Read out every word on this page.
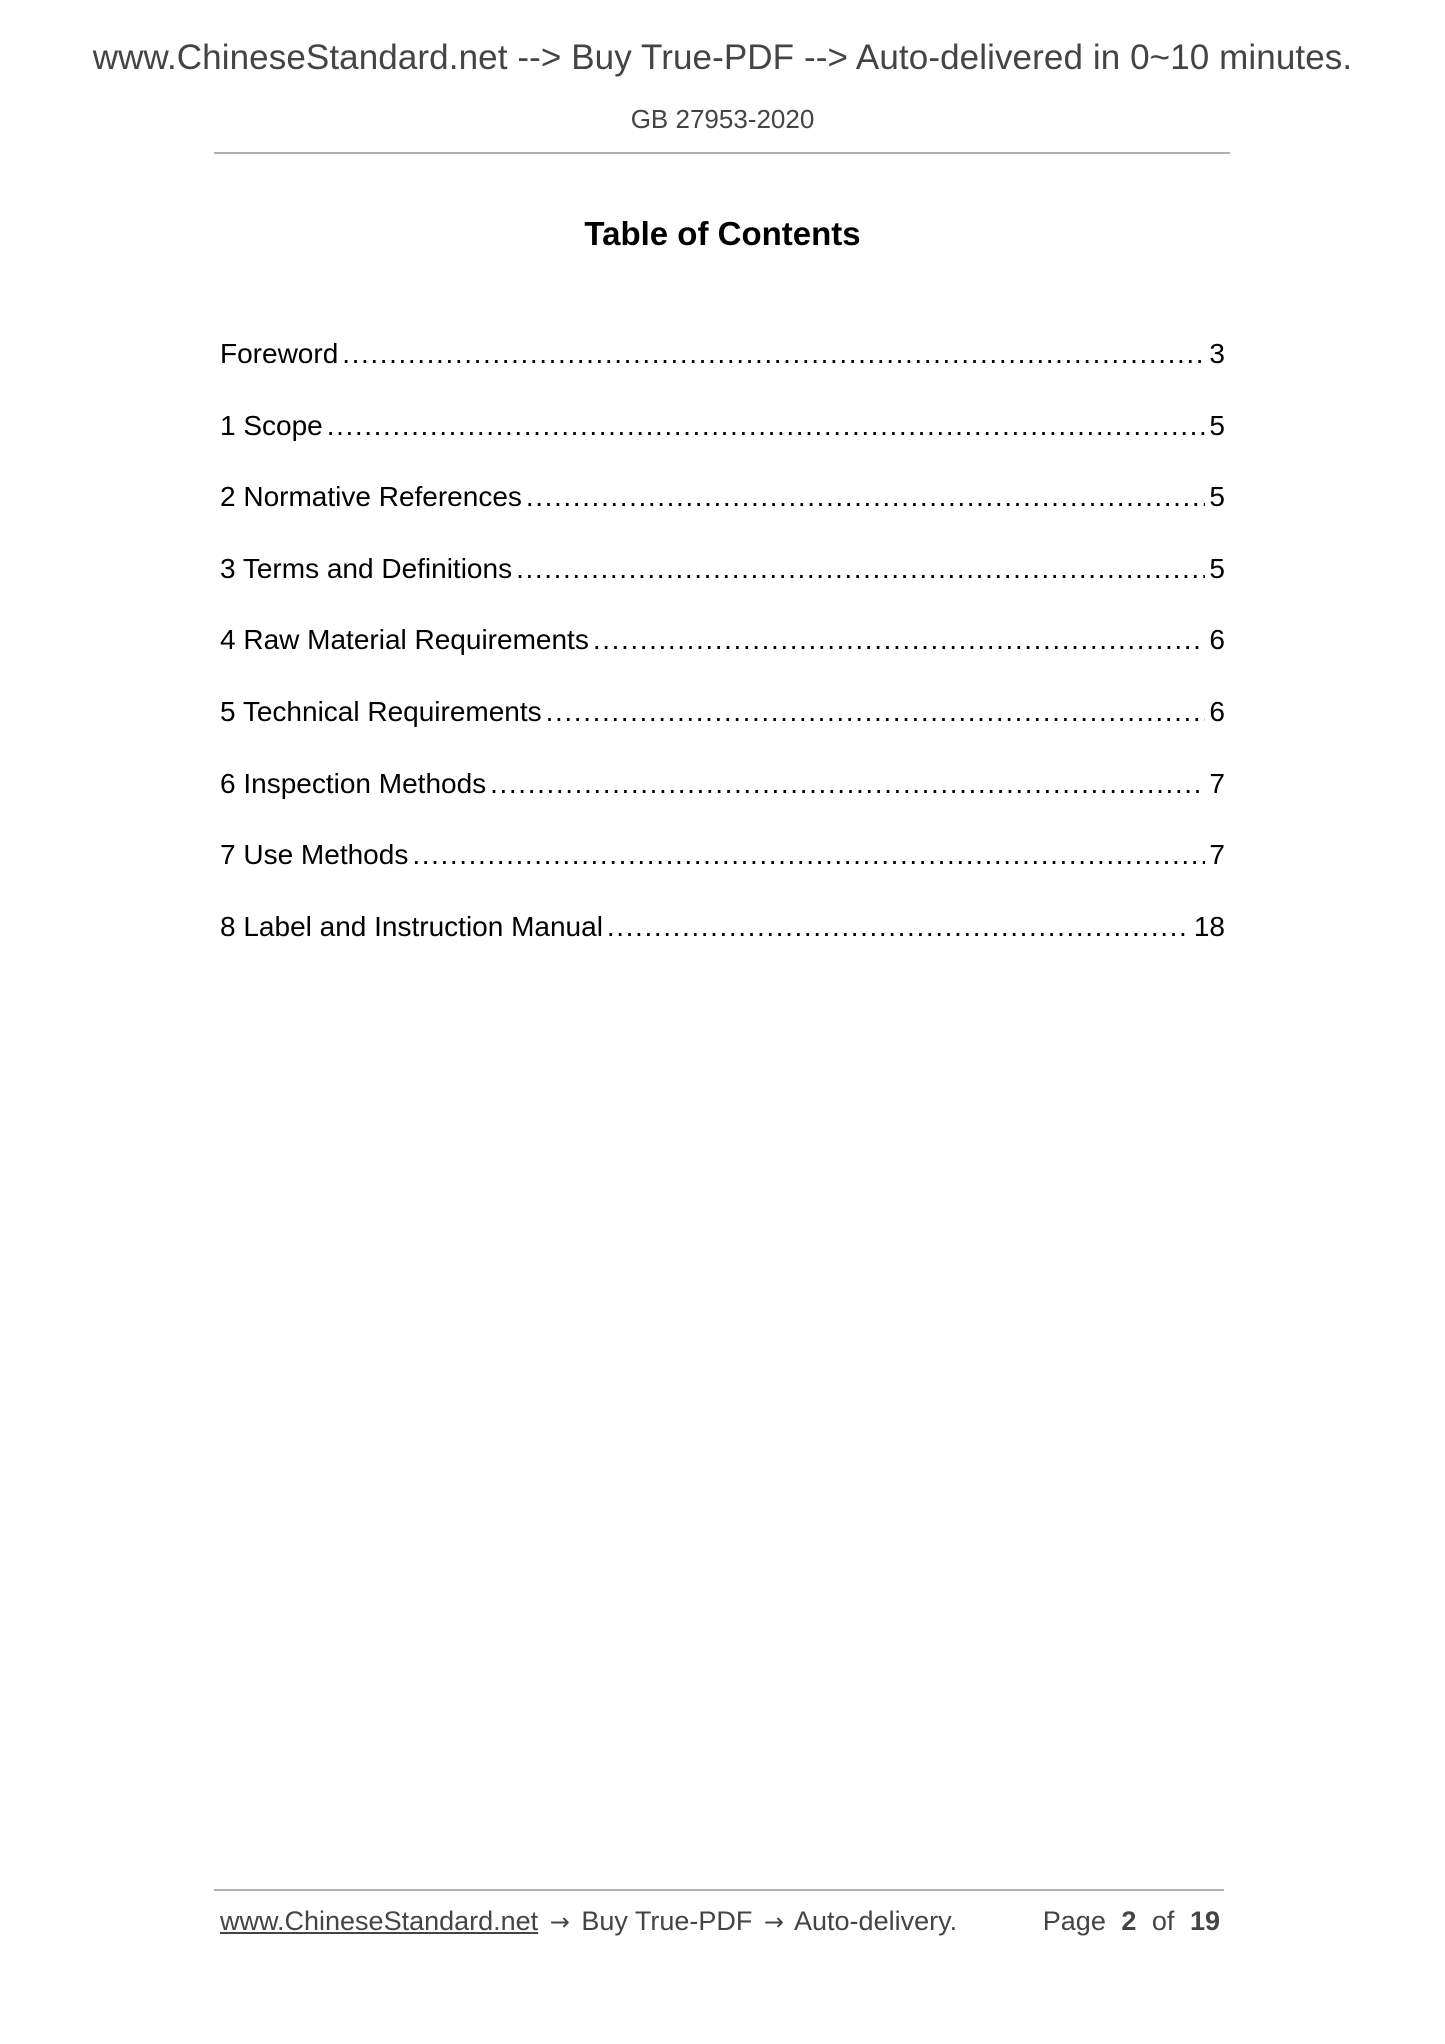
www.ChineseStandard.net --> Buy True-PDF --> Auto-delivered in 0~10 minutes.
GB 27953-2020
Table of Contents
Foreword .....	3
1 Scope .....	5
2 Normative References .....	5
3 Terms and Definitions .....	5
4 Raw Material Requirements .....	6
5 Technical Requirements .....	6
6 Inspection Methods .....	7
7 Use Methods .....	7
8 Label and Instruction Manual .....	18
www.ChineseStandard.net → Buy True-PDF → Auto-delivery.	Page 2 of 19
